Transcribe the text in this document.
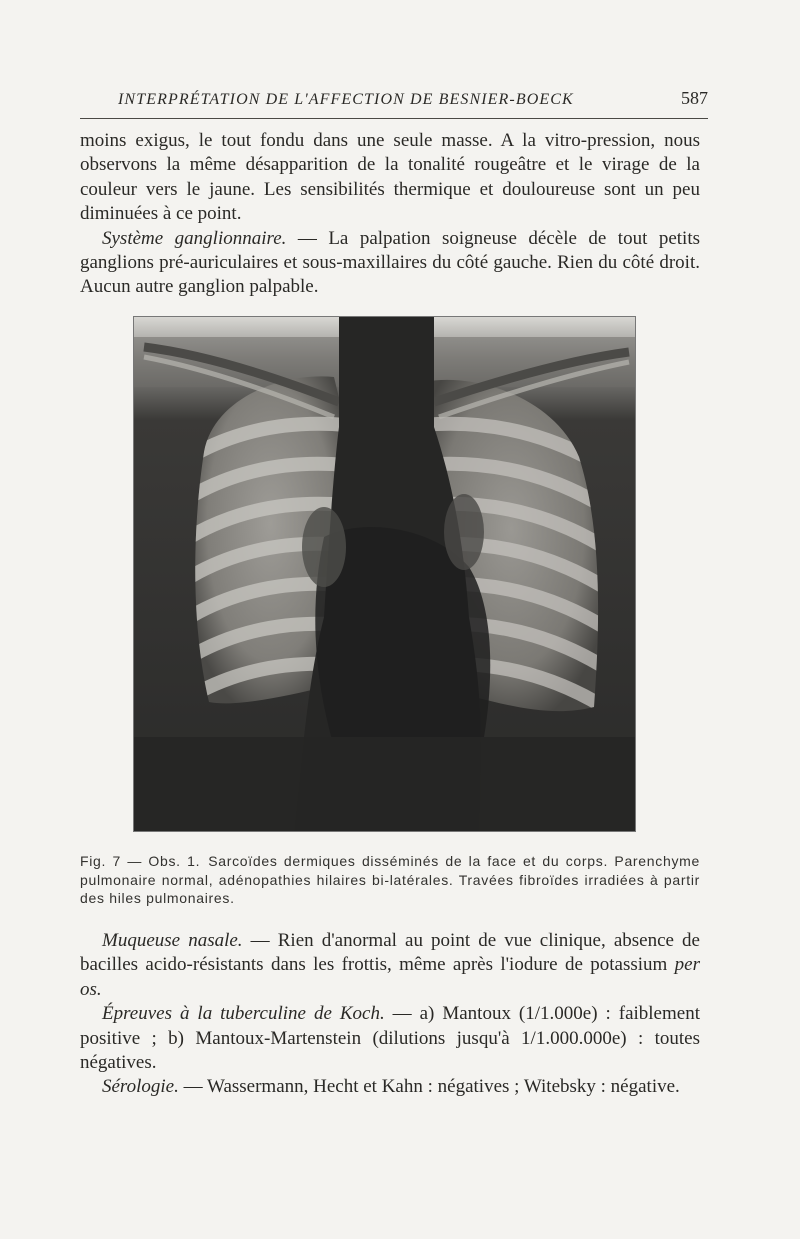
INTERPRÉTATION DE L'AFFECTION DE BESNIER-BOECK	587

moins exigus, le tout fondu dans une seule masse. A la vitro-pression, nous observons la même désapparition de la tonalité rougeâtre et le virage de la couleur vers le jaune. Les sensibilités thermique et douloureuse sont un peu diminuées à ce point.

Système ganglionnaire. — La palpation soigneuse décèle de tout petits ganglions pré-auriculaires et sous-maxillaires du côté gauche. Rien du côté droit. Aucun autre ganglion palpable.

Fig. 7 — Obs. 1. Sarcoïdes dermiques disséminés de la face et du corps. Parenchyme pulmonaire normal, adénopathies hilaires bi-latérales. Travées fibroïdes irradiées à partir des hiles pulmonaires.

Muqueuse nasale. — Rien d'anormal au point de vue clinique, absence de bacilles acido-résistants dans les frottis, même après l'iodure de potassium per os.

Épreuves à la tuberculine de Koch. — a) Mantoux (1/1.000e) : faiblement positive ; b) Mantoux-Martenstein (dilutions jusqu'à 1/1.000.000e) : toutes négatives.

Sérologie. — Wassermann, Hecht et Kahn : négatives ; Witebsky : négative.
